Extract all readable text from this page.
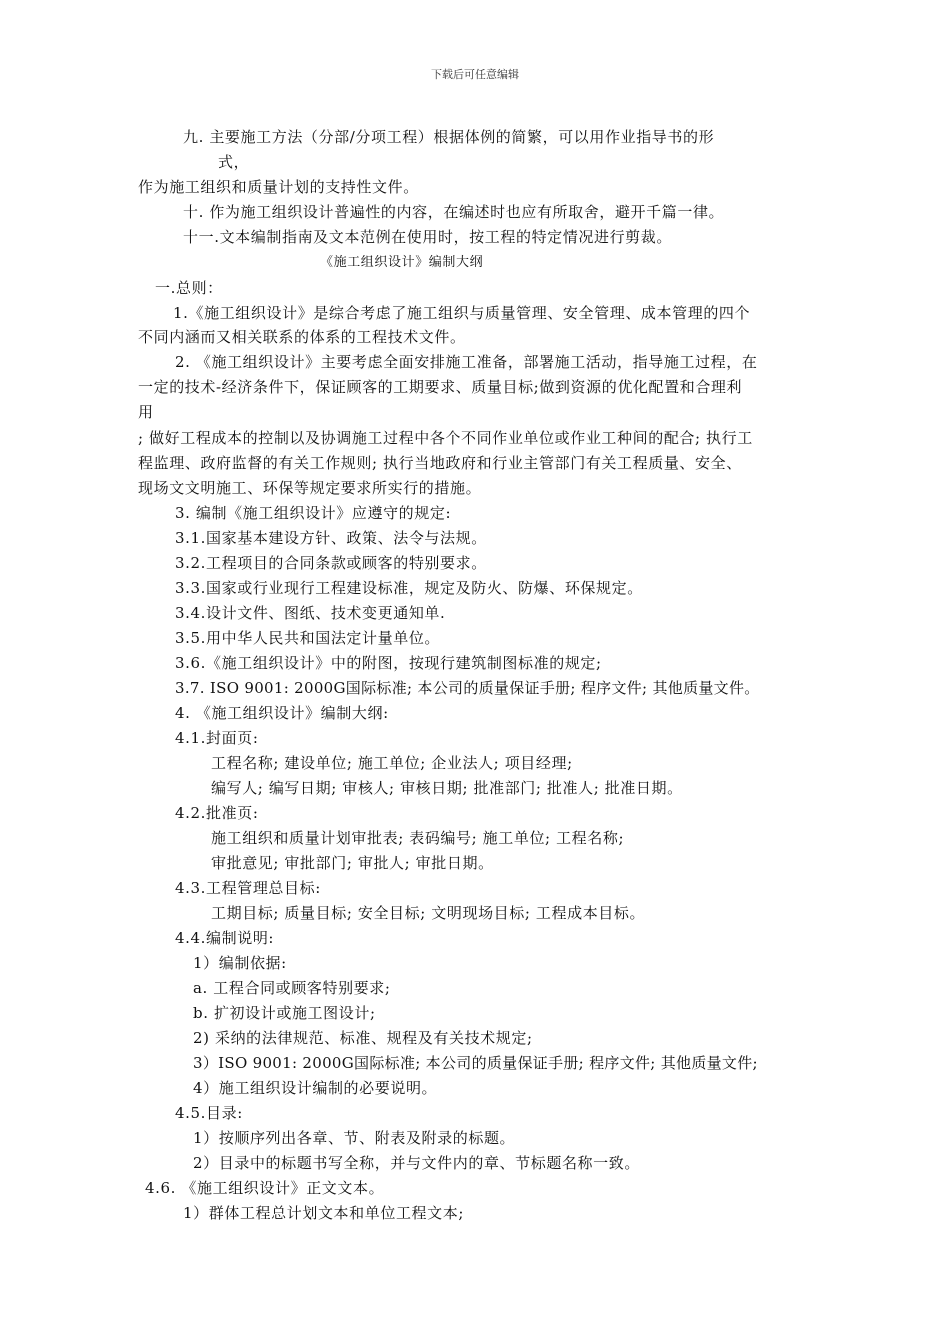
下载后可任意编辑
九. 主要施工方法（分部/分项工程）根据体例的简繁，可以用作业指导书的形
式，
作为施工组织和质量计划的支持性文件。
十. 作为施工组织设计普遍性的内容，在编述时也应有所取舍，避开千篇一律。
十一.文本编制指南及文本范例在使用时，按工程的特定情况进行剪裁。
《施工组织设计》编制大纲
一.总则：
1.《施工组织设计》是综合考虑了施工组织与质量管理、安全管理、成本管理的四个
不同内涵而又相关联系的体系的工程技术文件。
2. 《施工组织设计》主要考虑全面安排施工准备，部署施工活动，指导施工过程，在
一定的技术-经济条件下，保证顾客的工期要求、质量目标;做到资源的优化配置和合理利
用
; 做好工程成本的控制以及协调施工过程中各个不同作业单位或作业工种间的配合; 执行工
程监理、政府监督的有关工作规则; 执行当地政府和行业主管部门有关工程质量、安全、
现场文文明施工、环保等规定要求所实行的措施。
3. 编制《施工组织设计》应遵守的规定:
3.1.国家基本建设方针、政策、法令与法规。
3.2.工程项目的合同条款或顾客的特别要求。
3.3.国家或行业现行工程建设标准，规定及防火、防爆、环保规定。
3.4.设计文件、图纸、技术变更通知单.
3.5.用中华人民共和国法定计量单位。
3.6.《施工组织设计》中的附图，按现行建筑制图标准的规定;
3.7. ISO 9001: 2000G国际标准; 本公司的质量保证手册; 程序文件; 其他质量文件。
4. 《施工组织设计》编制大纲:
4.1.封面页:
工程名称; 建设单位; 施工单位; 企业法人; 项目经理;
编写人; 编写日期; 审核人; 审核日期; 批准部门; 批准人; 批准日期。
4.2.批准页:
施工组织和质量计划审批表; 表码编号; 施工单位; 工程名称;
审批意见; 审批部门; 审批人; 审批日期。
4.3.工程管理总目标:
工期目标; 质量目标; 安全目标; 文明现场目标; 工程成本目标。
4.4.编制说明:
1）编制依据:
a. 工程合同或顾客特别要求;
b. 扩初设计或施工图设计;
2) 采纳的法律规范、标准、规程及有关技术规定;
3）ISO 9001: 2000G国际标准; 本公司的质量保证手册; 程序文件; 其他质量文件;
4）施工组织设计编制的必要说明。
4.5.目录:
1）按顺序列出各章、节、附表及附录的标题。
2）目录中的标题书写全称，并与文件内的章、节标题名称一致。
4.6. 《施工组织设计》正文文本。
1）群体工程总计划文本和单位工程文本;
